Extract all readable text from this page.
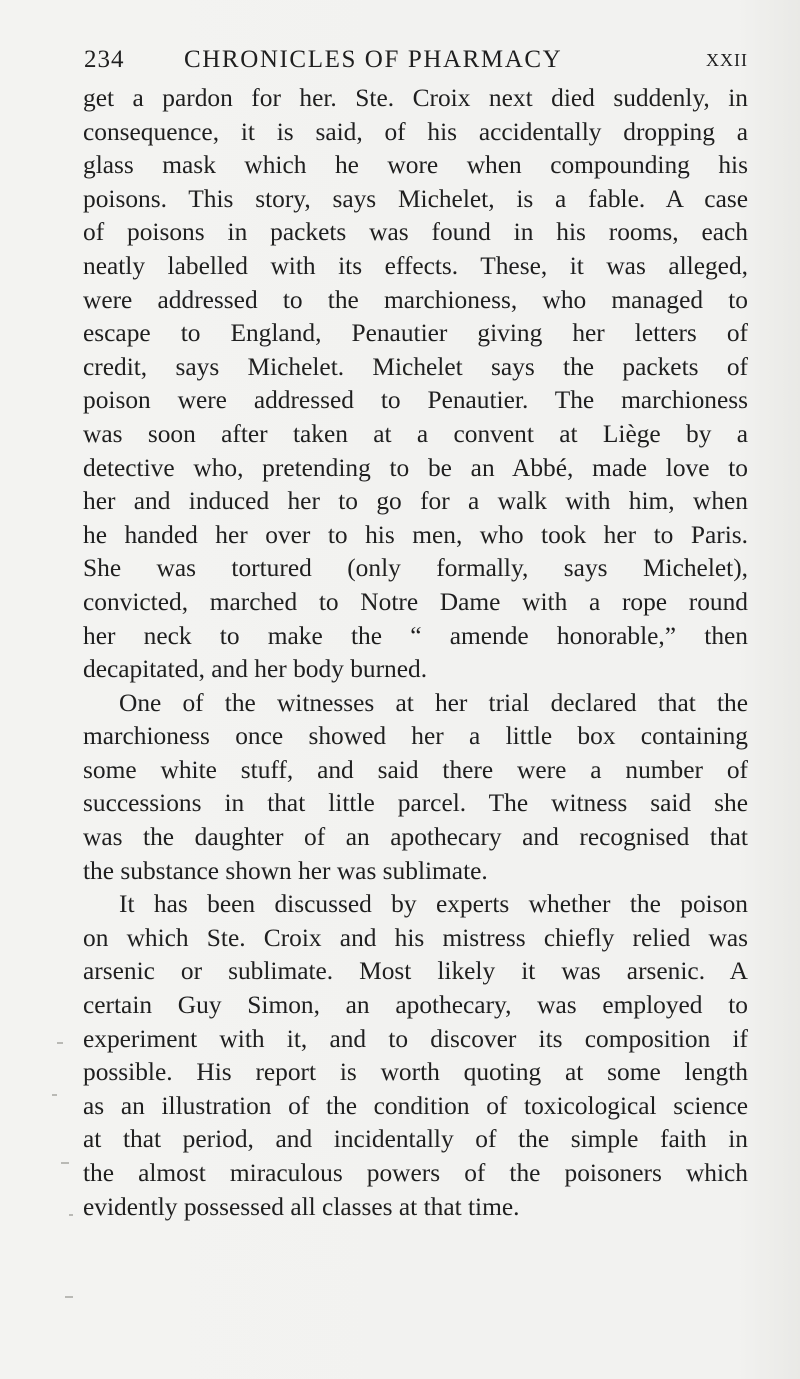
234 CHRONICLES OF PHARMACY	XXII
get a pardon for her. Ste. Croix next died suddenly, in
consequence, it is said, of his accidentally dropping a
glass mask which he wore when compounding his
poisons. This story, says Michelet, is a fable. A case
of poisons in packets was found in his rooms, each
neatly labelled with its effects. These, it was alleged,
were addressed to the marchioness, who managed to
escape to England, Penautier giving her letters of
credit, says Michelet. Michelet says the packets of
poison were addressed to Penautier. The marchioness
was soon after taken at a convent at Liège by a
detective who, pretending to be an Abbé, made love to
her and induced her to go for a walk with him, when
he handed her over to his men, who took her to Paris.
She was tortured (only formally, says Michelet),
convicted, marched to Notre Dame with a rope round
her neck to make the “ amende honorable,” then
decapitated, and her body burned.
One of the witnesses at her trial declared that the
marchioness once showed her a little box containing
some white stuff, and said there were a number of
successions in that little parcel. The witness said she
was the daughter of an apothecary and recognised that
the substance shown her was sublimate.
It has been discussed by experts whether the poison
on which Ste. Croix and his mistress chiefly relied was
arsenic or sublimate. Most likely it was arsenic. A
certain Guy Simon, an apothecary, was employed to
experiment with it, and to discover its composition if
possible. His report is worth quoting at some length
as an illustration of the condition of toxicological science
at that period, and incidentally of the simple faith in
the almost miraculous powers of the poisoners which
evidently possessed all classes at that time.
